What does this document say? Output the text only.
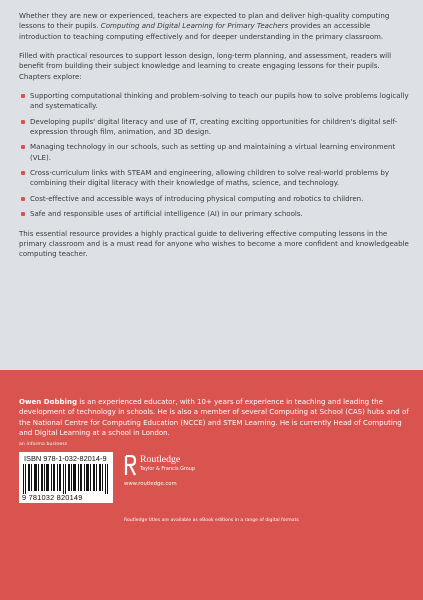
Whether they are new or experienced, teachers are expected to plan and deliver high-quality computing lessons to their pupils. Computing and Digital Learning for Primary Teachers provides an accessible introduction to teaching computing effectively and for deeper understanding in the primary classroom.

Filled with practical resources to support lesson design, long-term planning, and assessment, readers will benefit from building their subject knowledge and learning to create engaging lessons for their pupils. Chapters explore:

Supporting computational thinking and problem-solving to teach our pupils how to solve problems logically and systematically.
Developing pupils' digital literacy and use of IT, creating exciting opportunities for children's digital self-expression through film, animation, and 3D design.
Managing technology in our schools, such as setting up and maintaining a virtual learning environment (VLE).
Cross-curriculum links with STEAM and engineering, allowing children to solve real-world problems by combining their digital literacy with their knowledge of maths, science, and technology.
Cost-effective and accessible ways of introducing physical computing and robotics to children.
Safe and responsible uses of artificial intelligence (AI) in our primary schools.

This essential resource provides a highly practical guide to delivering effective computing lessons in the primary classroom and is a must read for anyone who wishes to become a more confident and knowledgeable computing teacher.

Owen Dobbing is an experienced educator, with 10+ years of experience in teaching and leading the development of technology in schools. He is also a member of several Computing at School (CAS) hubs and of the National Centre for Computing Education (NCCE) and STEM Learning. He is currently Head of Computing and Digital Learning at a school in London.

an informa business
ISBN 978-1-032-82014-9
9 781032 820149
Routledge
Taylor & Francis Group
www.routledge.com
Routledge titles are available as eBook editions in a range of digital formats
